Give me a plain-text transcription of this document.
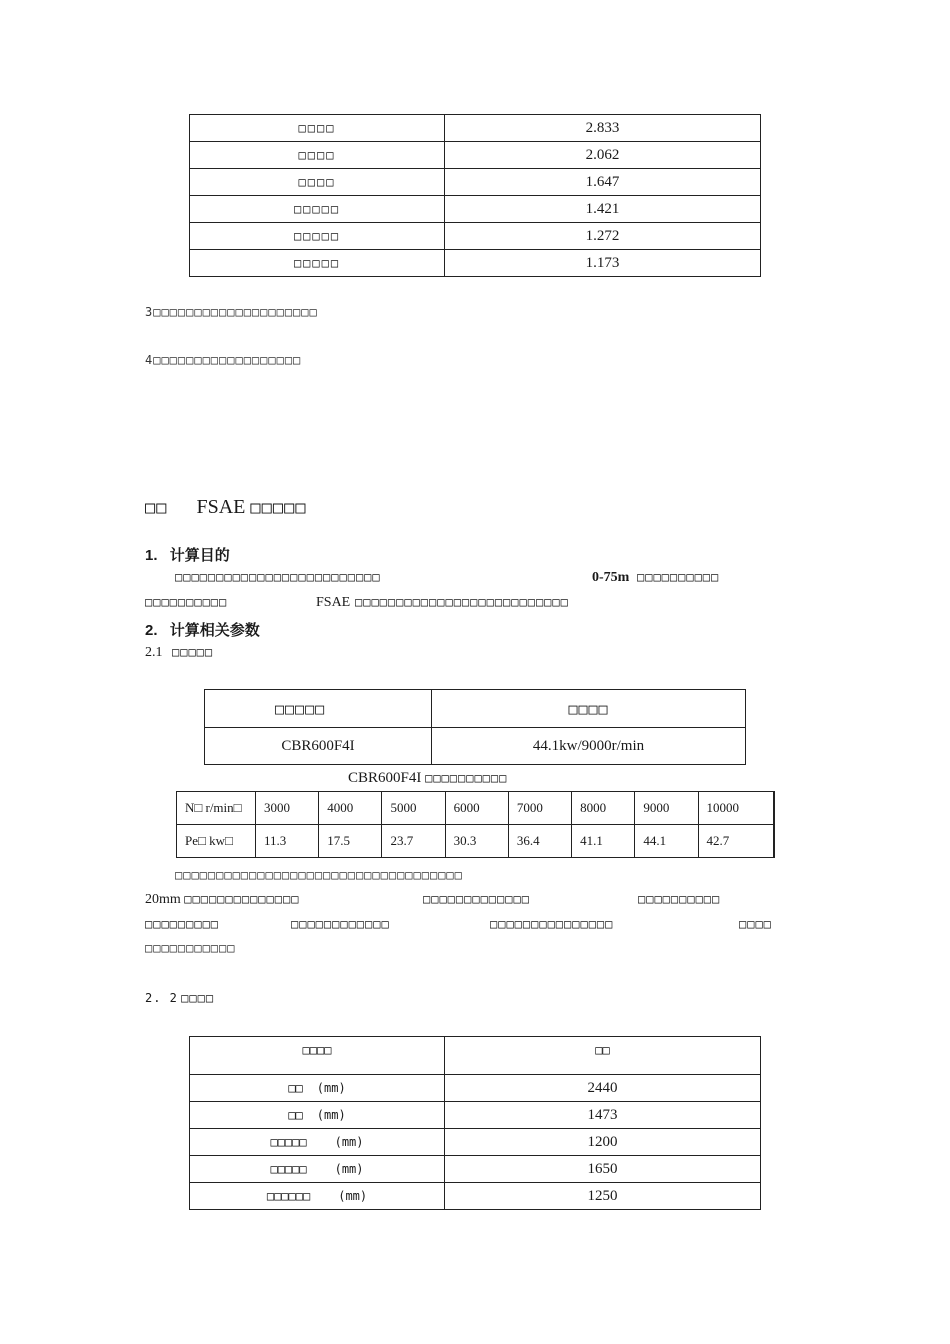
□□□□	2.833
□□□□	2.062
□□□□	1.647
□□□□□	1.421
□□□□□	1.272
□□□□□	1.173
3□□□□□□□□□□□□□□□□□□□□
4□□□□□□□□□□□□□□□□□□
□□ FSAE □□□□□
1. 计算目的
□□□□□□□□□□□□□□□□□□□□□□□□□	0-75m □□□□□□□□□□
□□□□□□□□□□	FSAE □□□□□□□□□□□□□□□□□□□□□□□□□□
2. 计算相关参数
2.1 □□□□□
□□□□□	□□□□
CBR600F4I	44.1kw/9000r/min
CBR600F4I □□□□□□□□□□
N□ r/min□	3000	4000	5000	6000	7000	8000	9000	10000
Pe□ kw□	11.3	17.5	23.7	30.3	36.4	41.1	44.1	42.7
□□□□□□□□□□□□□□□□□□□□□□□□□□□□□□□□□□□
20mm □□□□□□□□□□□□□□	□□□□□□□□□□□□□	□□□□□□□□□□
□□□□□□□□□	□□□□□□□□□□□□	□□□□□□□□□□□□□□□	□□□□
□□□□□□□□□□□
2. 2 □□□□
□□□□	□□
□□ (mm)	2440
□□ (mm)	1473
□□□□□ (mm)	1200
□□□□□ (mm)	1650
□□□□□□ (mm)	1250
